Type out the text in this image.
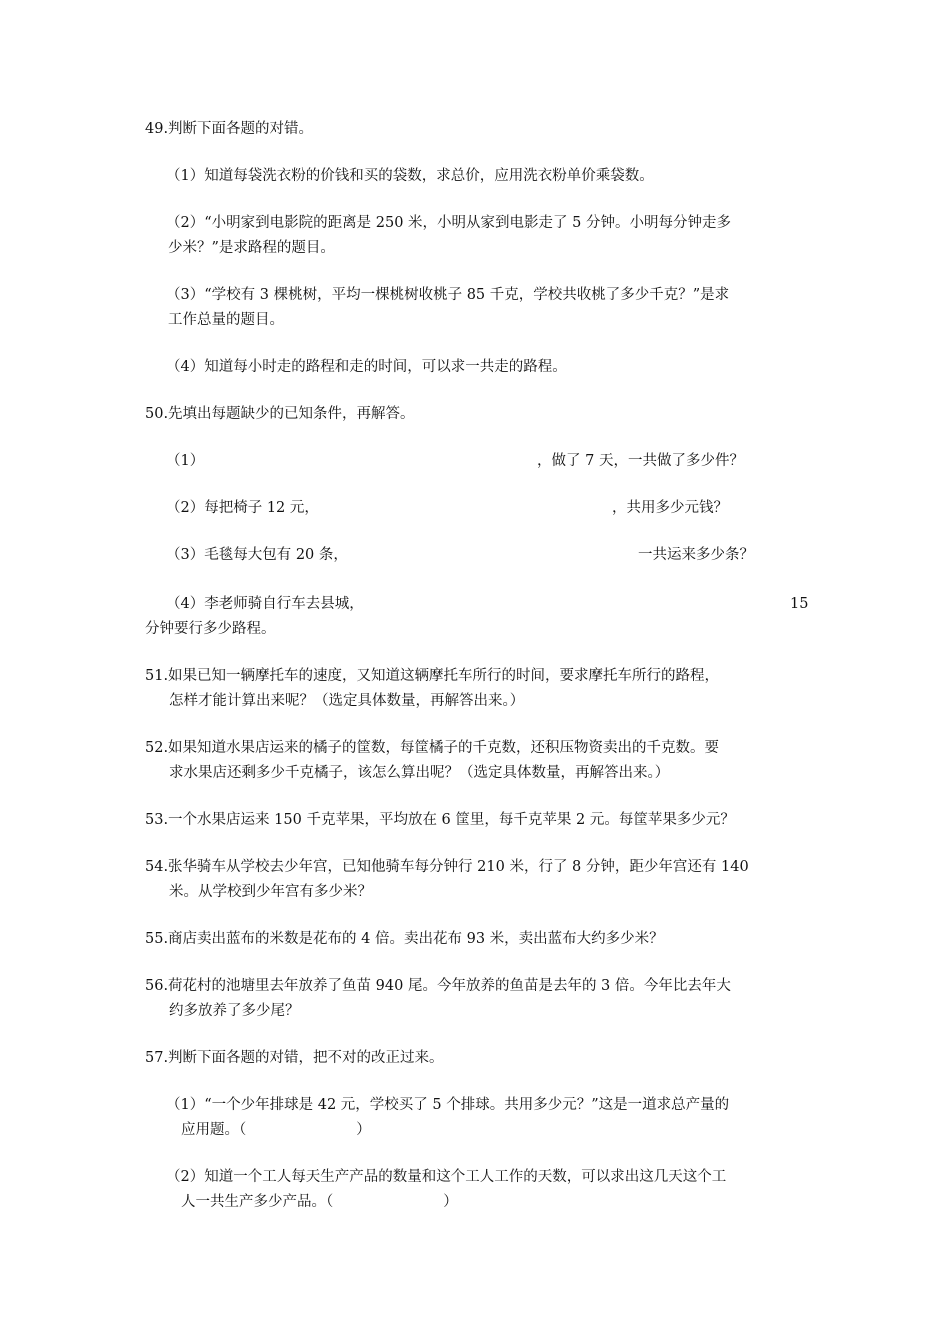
49.判断下面各题的对错。
（1）知道每袋洗衣粉的价钱和买的袋数，求总价，应用洗衣粉单价乘袋数。
（2）“小明家到电影院的距离是 250 米，小明从家到电影走了 5 分钟。小明每分钟走多
少米？”是求路程的题目。
（3）“学校有 3 棵桃树，平均一棵桃树收桃子 85 千克，学校共收桃了多少千克？”是求
工作总量的题目。
（4）知道每小时走的路程和走的时间，可以求一共走的路程。
50.先填出每题缺少的已知条件，再解答。
（1）	，做了 7 天，一共做了多少件？
（2）每把椅子 12 元，	，共用多少元钱？
（3）毛毯每大包有 20 条，	一共运来多少条？
（4）李老师骑自行车去县城，	15
分钟要行多少路程。
51.如果已知一辆摩托车的速度，又知道这辆摩托车所行的时间，要求摩托车所行的路程，
怎样才能计算出来呢？（选定具体数量，再解答出来。）
52.如果知道水果店运来的橘子的筐数，每筐橘子的千克数，还积压物资卖出的千克数。要
求水果店还剩多少千克橘子，该怎么算出呢？（选定具体数量，再解答出来。）
53.一个水果店运来 150 千克苹果，平均放在 6 筐里，每千克苹果 2 元。每筐苹果多少元？
54.张华骑车从学校去少年宫，已知他骑车每分钟行 210 米，行了 8 分钟，距少年宫还有 140
米。从学校到少年宫有多少米？
55.商店卖出蓝布的米数是花布的 4 倍。卖出花布 93 米，卖出蓝布大约多少米？
56.荷花村的池塘里去年放养了鱼苗 940 尾。今年放养的鱼苗是去年的 3 倍。今年比去年大
约多放养了多少尾？
57.判断下面各题的对错，把不对的改正过来。
（1）“一个少年排球是 42 元，学校买了 5 个排球。共用多少元？”这是一道求总产量的
应用题。（	）
（2）知道一个工人每天生产产品的数量和这个工人工作的天数，可以求出这几天这个工
人一共生产多少产品。（	）
